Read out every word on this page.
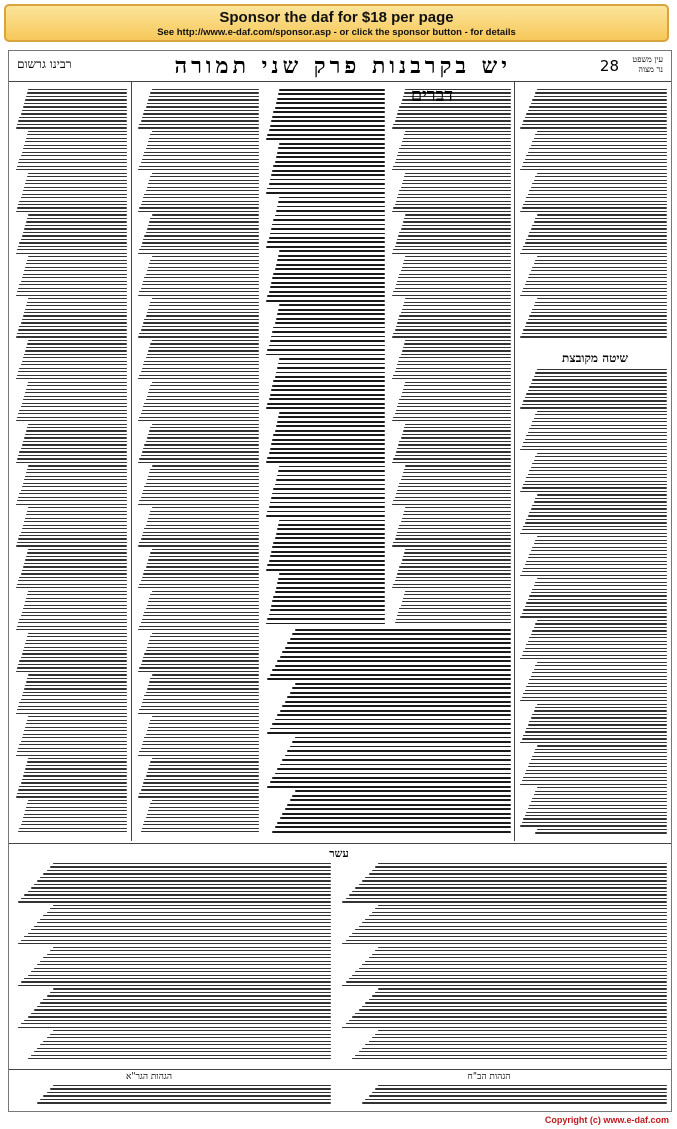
Sponsor the daf for $18 per page
See http://www.e-daf.com/sponsor.asp - or click the sponsor button - for details
עין משפט
נר מצוה
28
יש בקרבנות פרק שני תמורה
רבינו גרשום
דברים
שיטה מקובצת
עשר
הגהות הגר"א	הגהות הב"ח
Copyright (c) www.e-daf.com
